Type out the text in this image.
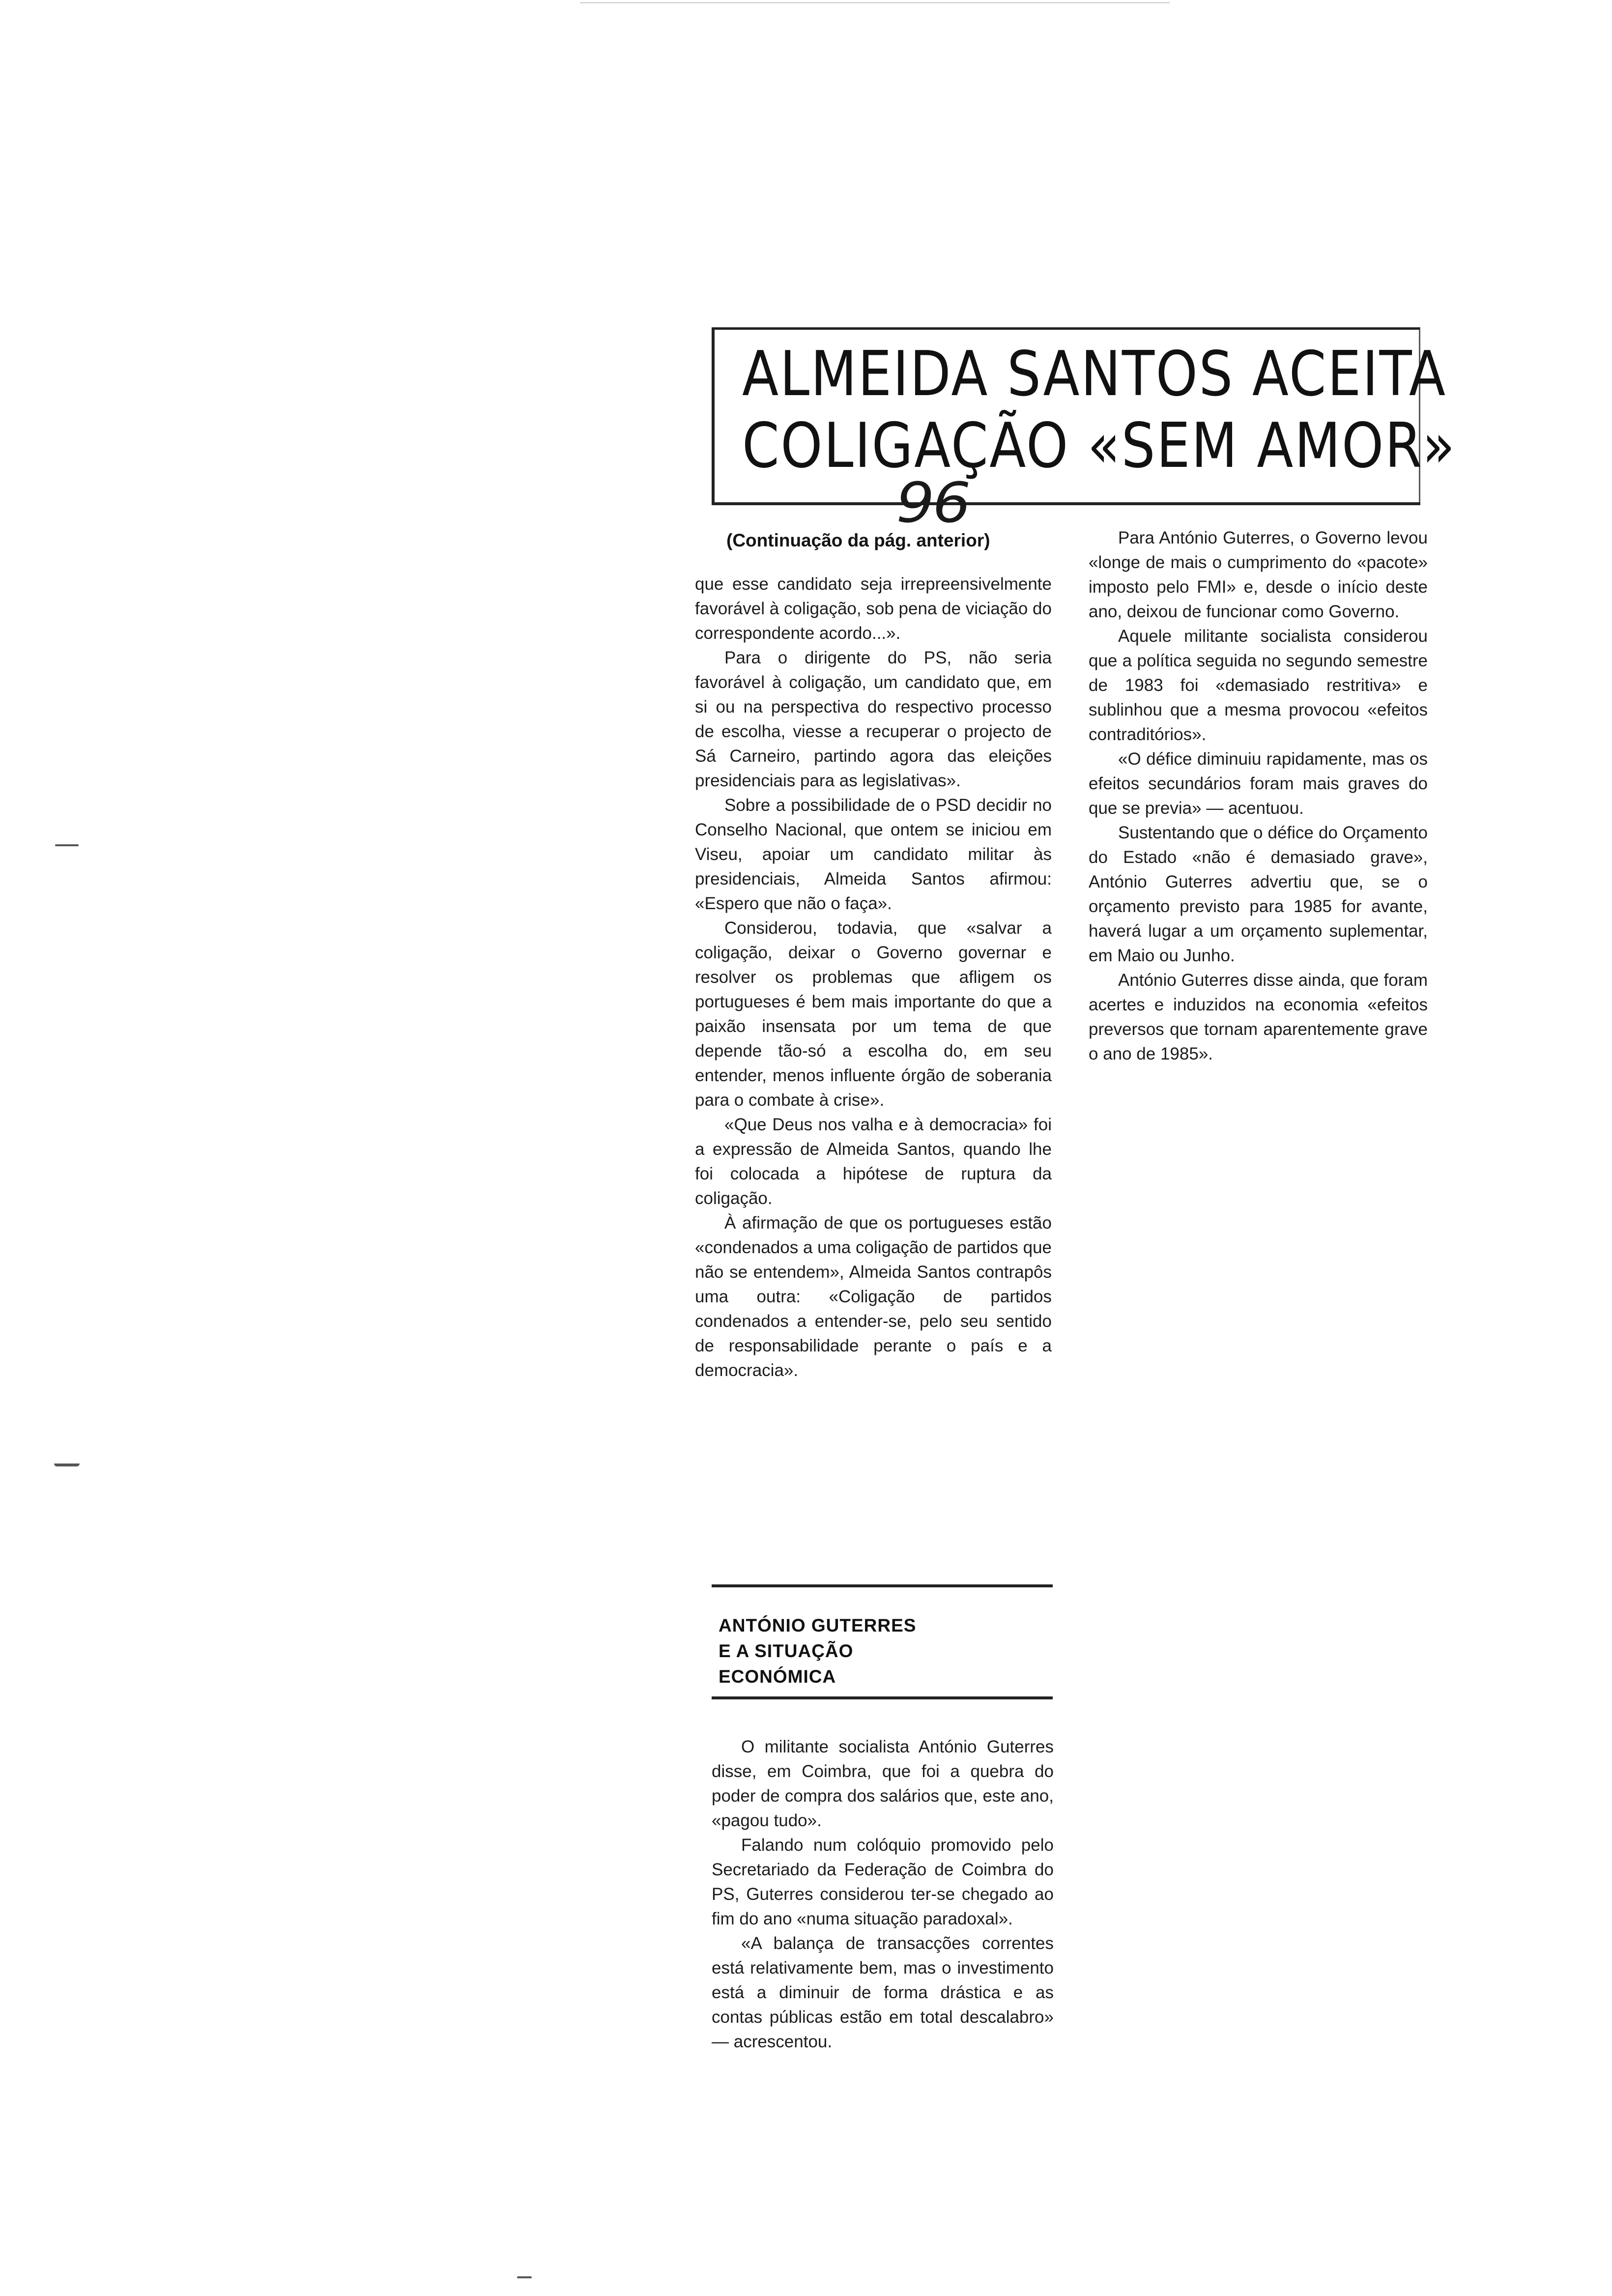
ALMEIDA SANTOS ACEITA
COLIGAÇÃO «SEM AMOR»
96
(Continuação da pág. anterior)

que esse candidato seja irrepreensivelmente favorável à coligação, sob pena de viciação do correspondente acordo...».

Para o dirigente do PS, não seria favorável à coligação, um candidato que, em si ou na perspectiva do respectivo processo de escolha, viesse a recuperar o projecto de Sá Carneiro, partindo agora das eleições presidenciais para as legislativas».

Sobre a possibilidade de o PSD decidir no Conselho Nacional, que ontem se iniciou em Viseu, apoiar um candidato militar às presidenciais, Almeida Santos afirmou: «Espero que não o faça».

Considerou, todavia, que «salvar a coligação, deixar o Governo governar e resolver os problemas que afligem os portugueses é bem mais importante do que a paixão insensata por um tema de que depende tão-só a escolha do, em seu entender, menos influente órgão de soberania para o combate à crise».

«Que Deus nos valha e à democracia» foi a expressão de Almeida Santos, quando lhe foi colocada a hipótese de ruptura da coligação.

À afirmação de que os portugueses estão «condenados a uma coligação de partidos que não se entendem», Almeida Santos contrapôs uma outra: «Coligação de partidos condenados a entender-se, pelo seu sentido de responsabilidade perante o país e a democracia».

Para António Guterres, o Governo levou «longe de mais o cumprimento do «pacote» imposto pelo FMI» e, desde o início deste ano, deixou de funcionar como Governo.

Aquele militante socialista considerou que a política seguida no segundo semestre de 1983 foi «demasiado restritiva» e sublinhou que a mesma provocou «efeitos contraditórios».

«O défice diminuiu rapidamente, mas os efeitos secundários foram mais graves do que se previa» — acentuou.

Sustentando que o défice do Orçamento do Estado «não é demasiado grave», António Guterres advertiu que, se o orçamento previsto para 1985 for avante, haverá lugar a um orçamento suplementar, em Maio ou Junho.

António Guterres disse ainda, que foram acertes e induzidos na economia «efeitos preversos que tornam aparentemente grave o ano de 1985».

ANTÓNIO GUTERRES
E A SITUAÇÃO
ECONÓMICA

O militante socialista António Guterres disse, em Coimbra, que foi a quebra do poder de compra dos salários que, este ano, «pagou tudo».

Falando num colóquio promovido pelo Secretariado da Federação de Coimbra do PS, Guterres considerou ter-se chegado ao fim do ano «numa situação paradoxal».

«A balança de transacções correntes está relativamente bem, mas o investimento está a diminuir de forma drástica e as contas públicas estão em total descalabro» — acrescentou.
